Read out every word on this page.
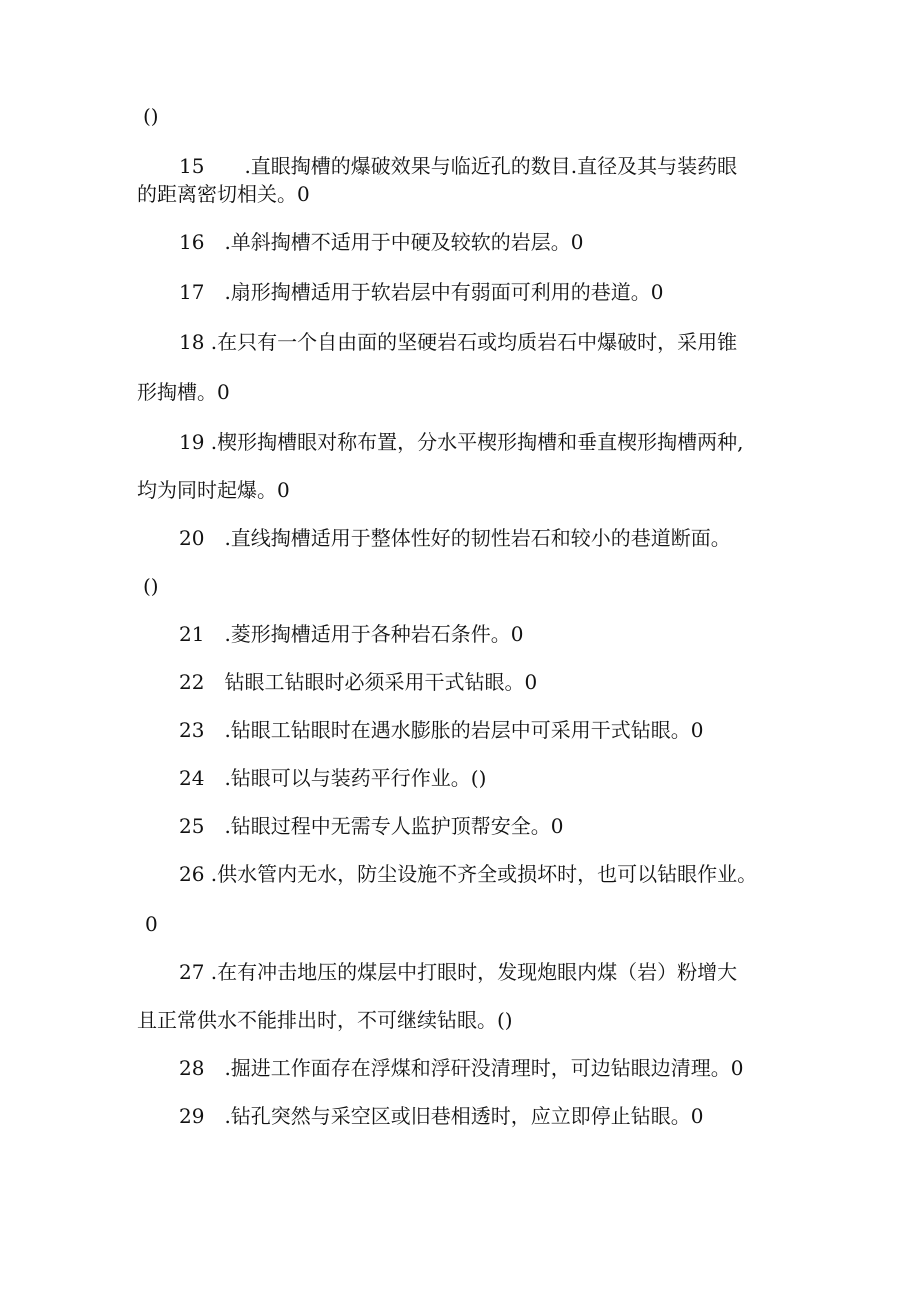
()
15　　.直眼掏槽的爆破效果与临近孔的数目.直径及其与装药眼
的距离密切相关。0
16　.单斜掏槽不适用于中硬及较软的岩层。0
17　.扇形掏槽适用于软岩层中有弱面可利用的巷道。0
18 .在只有一个自由面的坚硬岩石或均质岩石中爆破时，采用锥
形掏槽。0
19 .楔形掏槽眼对称布置，分水平楔形掏槽和垂直楔形掏槽两种,
均为同时起爆。0
20　.直线掏槽适用于整体性好的韧性岩石和较小的巷道断面。
()
21　.菱形掏槽适用于各种岩石条件。0
22　钻眼工钻眼时必须采用干式钻眼。0
23　.钻眼工钻眼时在遇水膨胀的岩层中可采用干式钻眼。0
24　.钻眼可以与装药平行作业。()
25　.钻眼过程中无需专人监护顶帮安全。0
26 .供水管内无水，防尘设施不齐全或损坏时，也可以钻眼作业。
0
27 .在有冲击地压的煤层中打眼时，发现炮眼内煤（岩）粉增大
且正常供水不能排出时，不可继续钻眼。()
28　.掘进工作面存在浮煤和浮矸没清理时，可边钻眼边清理。0
29　.钻孔突然与采空区或旧巷相透时，应立即停止钻眼。0
